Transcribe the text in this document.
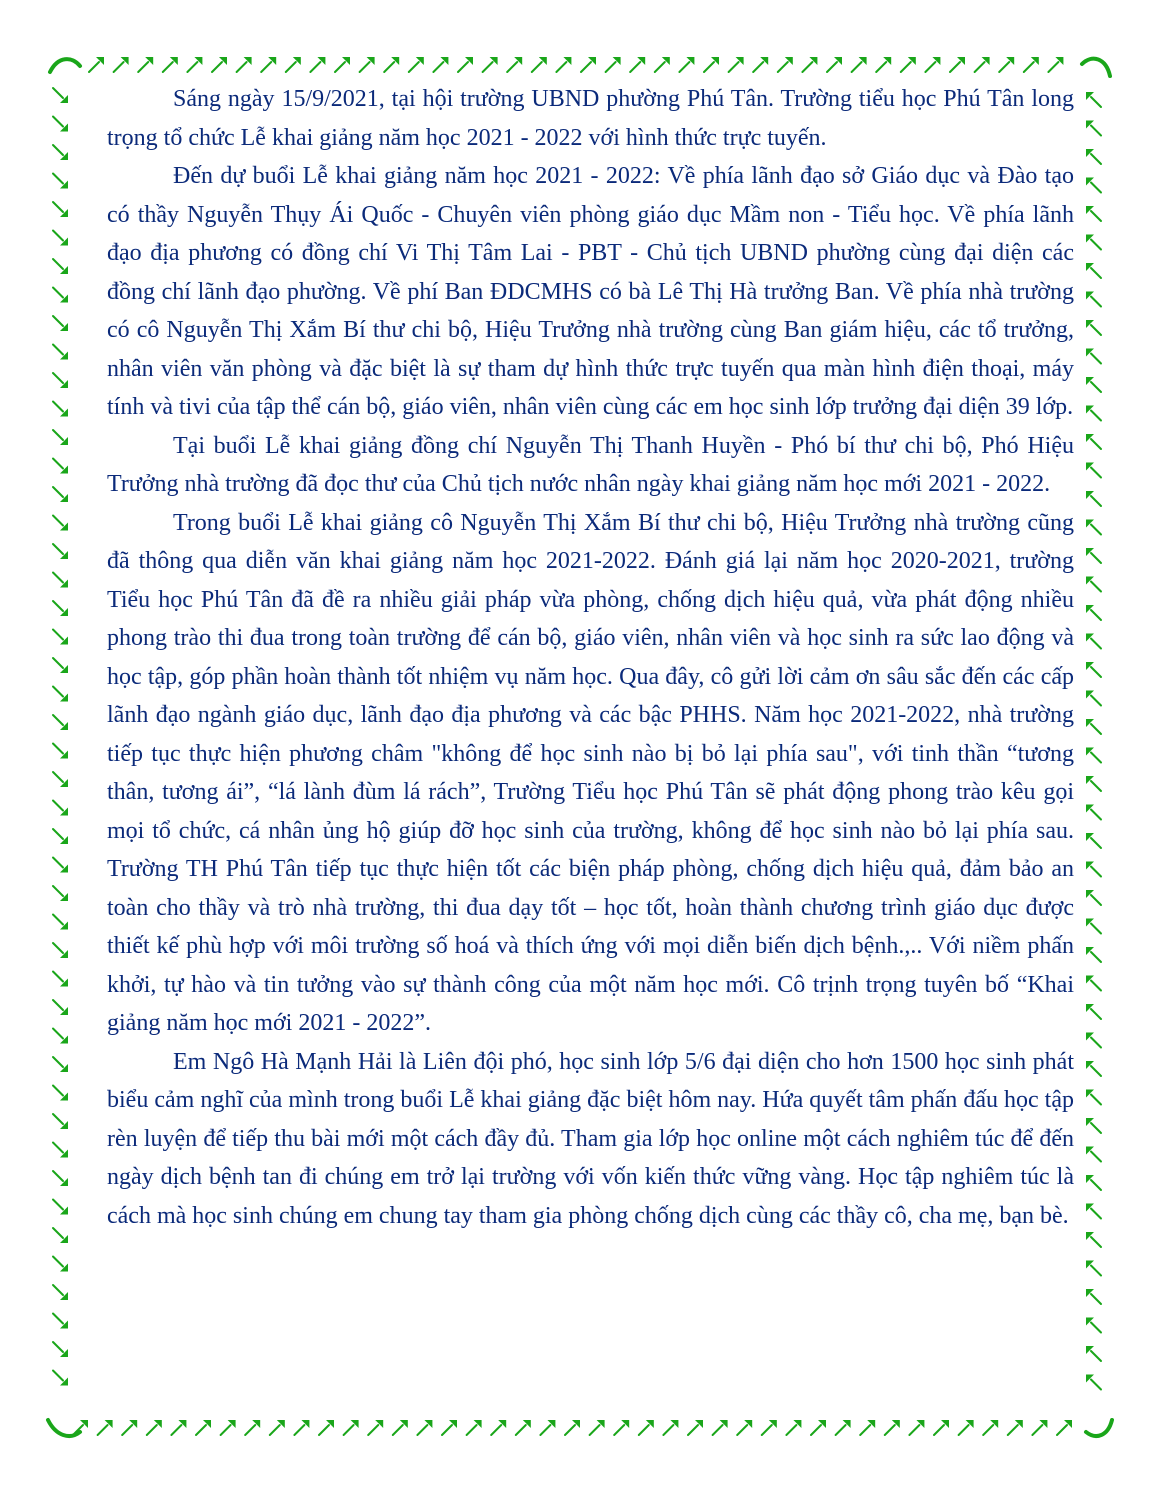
Sáng ngày 15/9/2021, tại hội trường UBND phường Phú Tân. Trường tiểu học Phú Tân long trọng tổ chức Lễ khai giảng năm học 2021 - 2022 với hình thức trực tuyến.

Đến dự buổi Lễ khai giảng năm học 2021 - 2022: Về phía lãnh đạo sở Giáo dục và Đào tạo có thầy Nguyễn Thụy Ái Quốc - Chuyên viên phòng giáo dục Mầm non - Tiểu học. Về phía lãnh đạo địa phương có đồng chí Vi Thị Tâm Lai - PBT - Chủ tịch UBND phường cùng đại diện các đồng chí lãnh đạo phường. Về phí Ban ĐDCMHS có bà Lê Thị Hà trưởng Ban. Về phía nhà trường có cô Nguyễn Thị Xắm Bí thư chi bộ, Hiệu Trưởng nhà trường cùng Ban giám hiệu, các tổ trưởng, nhân viên văn phòng và đặc biệt là sự tham dự hình thức trực tuyến qua màn hình điện thoại, máy tính và tivi của tập thể cán bộ, giáo viên, nhân viên cùng các em học sinh lớp trưởng đại diện 39 lớp.

Tại buổi Lễ khai giảng đồng chí Nguyễn Thị Thanh Huyền - Phó bí thư chi bộ, Phó Hiệu Trưởng nhà trường đã đọc thư của Chủ tịch nước nhân ngày khai giảng năm học mới 2021 - 2022.

Trong buổi Lễ khai giảng cô Nguyễn Thị Xắm Bí thư chi bộ, Hiệu Trưởng nhà trường cũng đã thông qua diễn văn khai giảng năm học 2021-2022. Đánh giá lại năm học 2020-2021, trường Tiểu học Phú Tân đã đề ra nhiều giải pháp vừa phòng, chống dịch hiệu quả, vừa phát động nhiều phong trào thi đua trong toàn trường để cán bộ, giáo viên, nhân viên và học sinh ra sức lao động và học tập, góp phần hoàn thành tốt nhiệm vụ năm học. Qua đây, cô gửi lời cảm ơn sâu sắc đến các cấp lãnh đạo ngành giáo dục, lãnh đạo địa phương và các bậc PHHS. Năm học 2021-2022, nhà trường tiếp tục thực hiện phương châm "không để học sinh nào bị bỏ lại phía sau", với tinh thần “tương thân, tương ái”, “lá lành đùm lá rách”, Trường Tiểu học Phú Tân sẽ phát động phong trào kêu gọi mọi tổ chức, cá nhân ủng hộ giúp đỡ học sinh của trường, không để học sinh nào bỏ lại phía sau. Trường TH Phú Tân tiếp tục thực hiện tốt các biện pháp phòng, chống dịch hiệu quả, đảm bảo an toàn cho thầy và trò nhà trường, thi đua dạy tốt – học tốt, hoàn thành chương trình giáo dục được thiết kế phù hợp với môi trường số hoá và thích ứng với mọi diễn biến dịch bệnh.,.. Với niềm phấn khởi, tự hào và tin tưởng vào sự thành công của một năm học mới. Cô trịnh trọng tuyên bố “Khai giảng năm học mới 2021 - 2022”.

Em Ngô Hà Mạnh Hải là Liên đội phó, học sinh lớp 5/6 đại diện cho hơn 1500 học sinh phát biểu cảm nghĩ của mình trong buổi Lễ khai giảng đặc biệt hôm nay. Hứa quyết tâm phấn đấu học tập rèn luyện để tiếp thu bài mới một cách đầy đủ. Tham gia lớp học online một cách nghiêm túc để đến ngày dịch bệnh tan đi chúng em trở lại trường với vốn kiến thức vững vàng. Học tập nghiêm túc là cách mà học sinh chúng em chung tay tham gia phòng chống dịch cùng các thầy cô, cha mẹ, bạn bè.
